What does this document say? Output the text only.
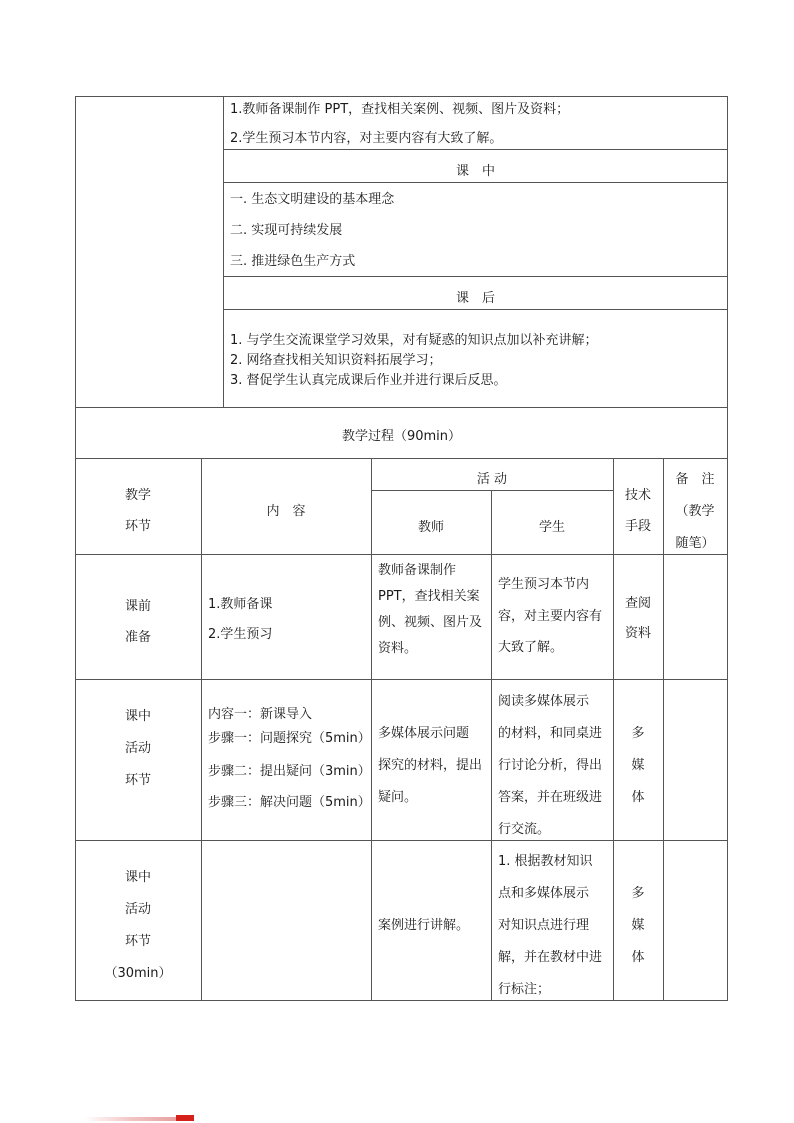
1.教师备课制作 PPT，查找相关案例、视频、图片及资料；
2.学生预习本节内容，对主要内容有大致了解。
课　中
一. 生态文明建设的基本理念
二. 实现可持续发展
三. 推进绿色生产方式
课　后
1. 与学生交流课堂学习效果，对有疑惑的知识点加以补充讲解；
2. 网络查找相关知识资料拓展学习；
3. 督促学生认真完成课后作业并进行课后反思。
教学过程（90min）
教学
环节
内　容
活 动
教师	学生
技术
手段
备　注
（教学
随笔）
课前
准备
1.教师备课
2.学生预习
教师备课制作
PPT，查找相关案
例、视频、图片及
资料。
学生预习本节内
容，对主要内容有
大致了解。
查阅
资料
课中
活动
环节
内容一：新课导入
步骤一：问题探究（5min）
步骤二：提出疑问（3min）
步骤三：解决问题（5min）
多媒体展示问题
探究的材料，提出
疑问。
阅读多媒体展示
的材料，和同桌进
行讨论分析，得出
答案，并在班级进
行交流。
多
媒
体
课中
活动
环节
（30min）
案例进行讲解。
1. 根据教材知识
点和多媒体展示
对知识点进行理
解，并在教材中进
行标注；
多
媒
体
